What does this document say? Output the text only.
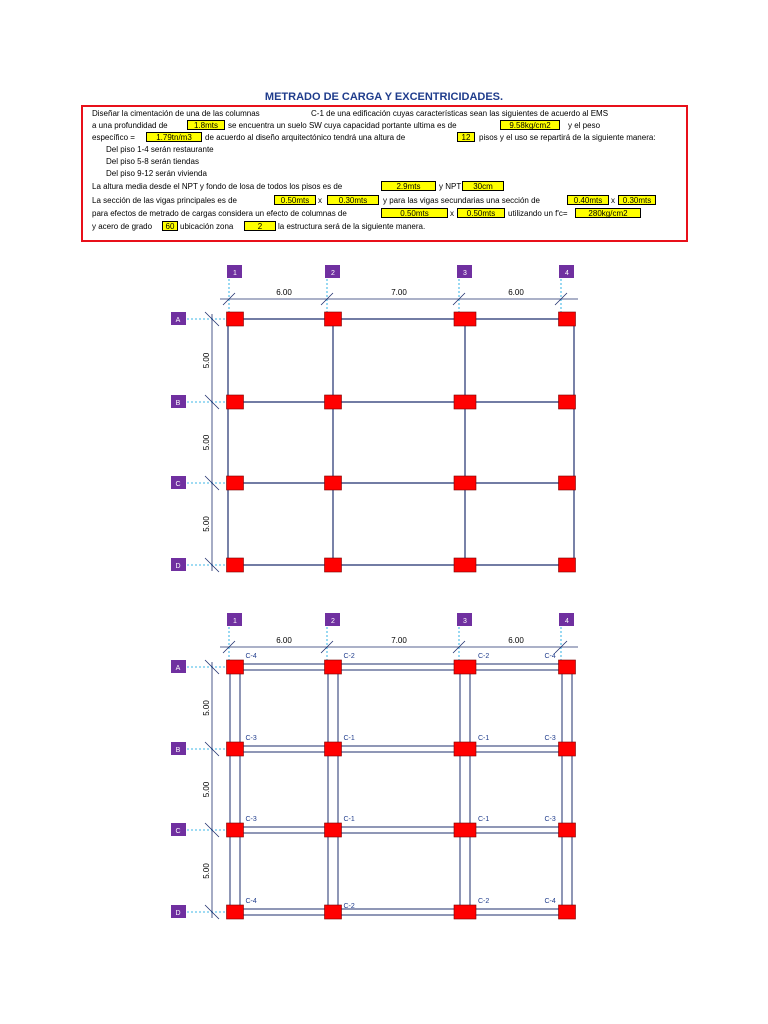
METRADO DE CARGA Y EXCENTRICIDADES.
Diseñar la cimentación de una de las columnas	C-1 de una edificación cuyas características sean las siguientes de acuerdo al EMS
a una profundidad de	1.8mts	se encuentra un suelo SW cuya capacidad portante ultima es de	9.58kg/cm2	y el peso
específico =	1.79tn/m3	de acuerdo al diseño arquitectónico tendrá una altura de	12	pisos y el uso se repartirá de la siguiente manera:
Del piso 1-4 serán restaurante
Del piso 5-8 serán tiendas
Del piso 9-12 serán vivienda
La altura media desde el NPT y fondo de losa de todos los pisos es de	2.9mts	y NPT	30cm
La sección de las vigas principales es de	0.50mts	x	0.30mts	y para las vigas secundarias una sección de	0.40mts	x 0.30mts
para efectos de metrado de cargas considera un efecto de columnas de	0.50mts	x	0.50mts	utilizando un f'c=	280kg/cm2
y acero de grado	60 ubicación zona	2	la estructura será de la siguiente manera.
1	2	3	4
A
B
C
D
6.00	7.00	6.00
5.00
5.00
5.00
1	2	3	4
A
B
C
D
6.00	7.00	6.00
5.00
5.00
5.00
C-4	C-2	C-2	C-4
C-3	C-1	C-1	C-3
C-3	C-1	C-1	C-3
C-4
C-2
C-2	C-4
